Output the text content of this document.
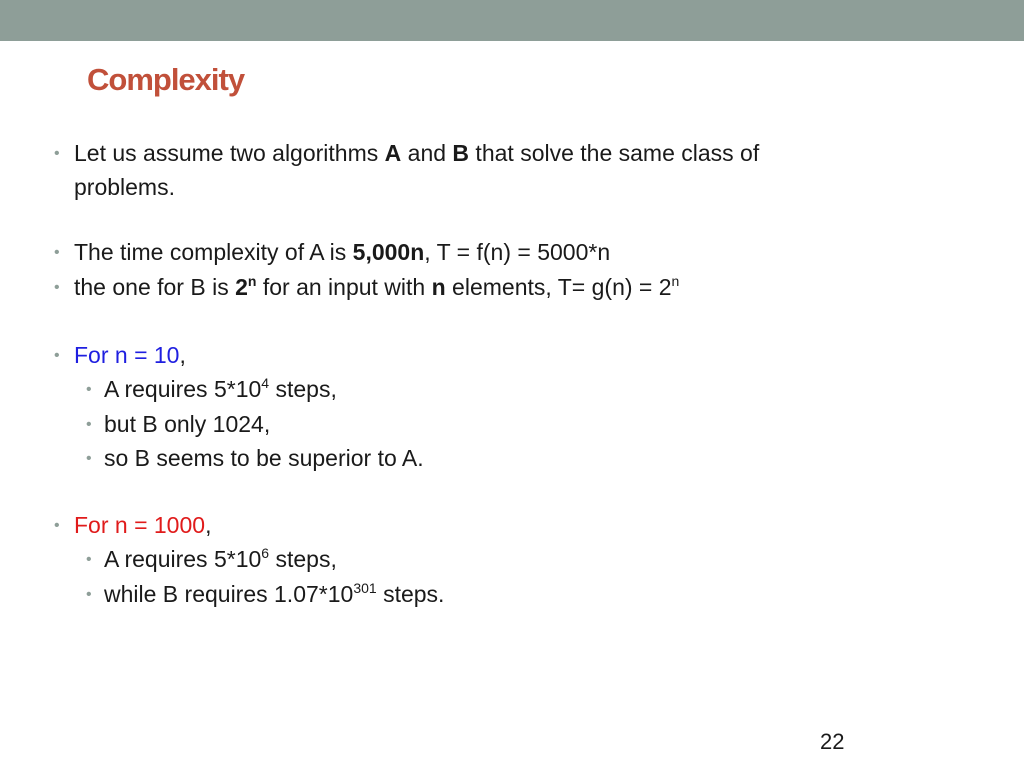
Complexity
• Let us assume two algorithms A and B that solve the same class of
problems.
• The time complexity of A is 5,000n, T = f(n) = 5000*n
• the one for B is 2$^n$ for an input with n elements, $T= g(n) = 2^n$
• For n = 10,
• A requires $5*10^4$ steps,
• but B only 1024,
• so B seems to be superior to A.
• For n = 1000,
• A requires $5*10^6$ steps,
• while B requires $1.07*10^{301}$ steps.
22
